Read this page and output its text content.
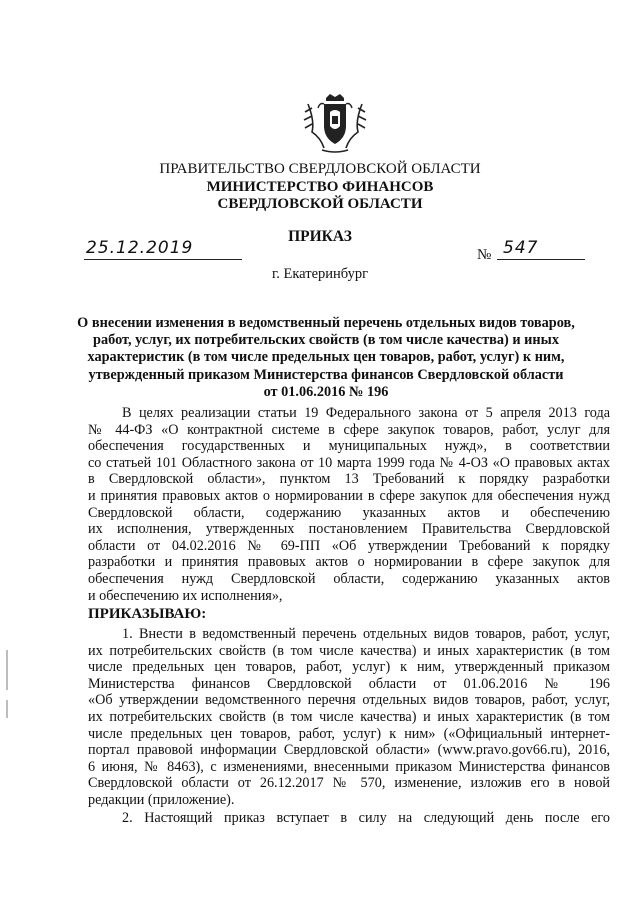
ПРАВИТЕЛЬСТВО СВЕРДЛОВСКОЙ ОБЛАСТИ
МИНИСТЕРСТВО ФИНАНСОВ
СВЕРДЛОВСКОЙ ОБЛАСТИ
ПРИКАЗ
25.12.2019	№ 547
г. Екатеринбург
О внесении изменения в ведомственный перечень отдельных видов товаров,
работ, услуг, их потребительских свойств (в том числе качества) и иных
характеристик (в том числе предельных цен товаров, работ, услуг) к ним,
утвержденный приказом Министерства финансов Свердловской области
от 01.06.2016 № 196
В целях реализации статьи 19 Федерального закона от 5 апреля 2013 года
№ 44-ФЗ «О контрактной системе в сфере закупок товаров, работ, услуг для
обеспечения государственных и муниципальных нужд», в соответствии
со статьей 101 Областного закона от 10 марта 1999 года № 4-ОЗ «О правовых актах
в Свердловской области», пунктом 13 Требований к порядку разработки
и принятия правовых актов о нормировании в сфере закупок для обеспечения нужд
Свердловской области, содержанию указанных актов и обеспечению
их исполнения, утвержденных постановлением Правительства Свердловской
области от 04.02.2016 № 69-ПП «Об утверждении Требований к порядку
разработки и принятия правовых актов о нормировании в сфере закупок для
обеспечения нужд Свердловской области, содержанию указанных актов
и обеспечению их исполнения»,
ПРИКАЗЫВАЮ:
1. Внести в ведомственный перечень отдельных видов товаров, работ, услуг,
их потребительских свойств (в том числе качества) и иных характеристик (в том
числе предельных цен товаров, работ, услуг) к ним, утвержденный приказом
Министерства финансов Свердловской области от 01.06.2016 № 196
«Об утверждении ведомственного перечня отдельных видов товаров, работ, услуг,
их потребительских свойств (в том числе качества) и иных характеристик (в том
числе предельных цен товаров, работ, услуг) к ним» («Официальный интернет-
портал правовой информации Свердловской области» (www.pravo.gov66.ru), 2016,
6 июня, № 8463), с изменениями, внесенными приказом Министерства финансов
Свердловской области от 26.12.2017 № 570, изменение, изложив его в новой
редакции (приложение).
2. Настоящий приказ вступает в силу на следующий день после его
